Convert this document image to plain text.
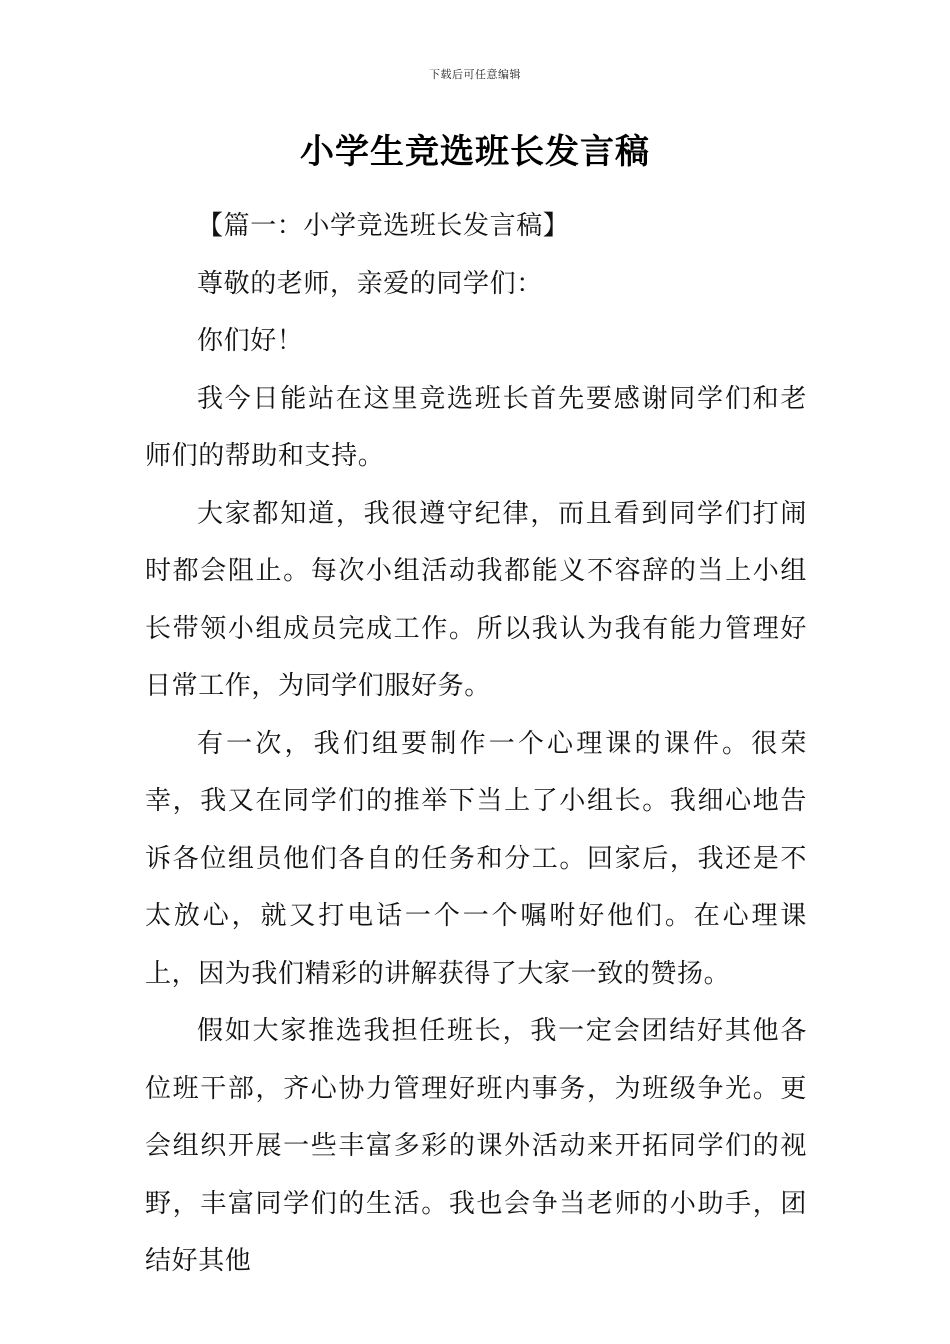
下载后可任意编辑
小学生竞选班长发言稿

【篇一：小学竞选班长发言稿】

尊敬的老师，亲爱的同学们：

你们好！

我今日能站在这里竞选班长首先要感谢同学们和老师们的帮助和支持。

大家都知道，我很遵守纪律，而且看到同学们打闹时都会阻止。每次小组活动我都能义不容辞的当上小组长带领小组成员完成工作。所以我认为我有能力管理好日常工作，为同学们服好务。

有一次，我们组要制作一个心理课的课件。很荣幸，我又在同学们的推举下当上了小组长。我细心地告诉各位组员他们各自的任务和分工。回家后，我还是不太放心，就又打电话一个一个嘱咐好他们。在心理课上，因为我们精彩的讲解获得了大家一致的赞扬。

假如大家推选我担任班长，我一定会团结好其他各位班干部，齐心协力管理好班内事务，为班级争光。更会组织开展一些丰富多彩的课外活动来开拓同学们的视野，丰富同学们的生活。我也会争当老师的小助手，团结好其他
